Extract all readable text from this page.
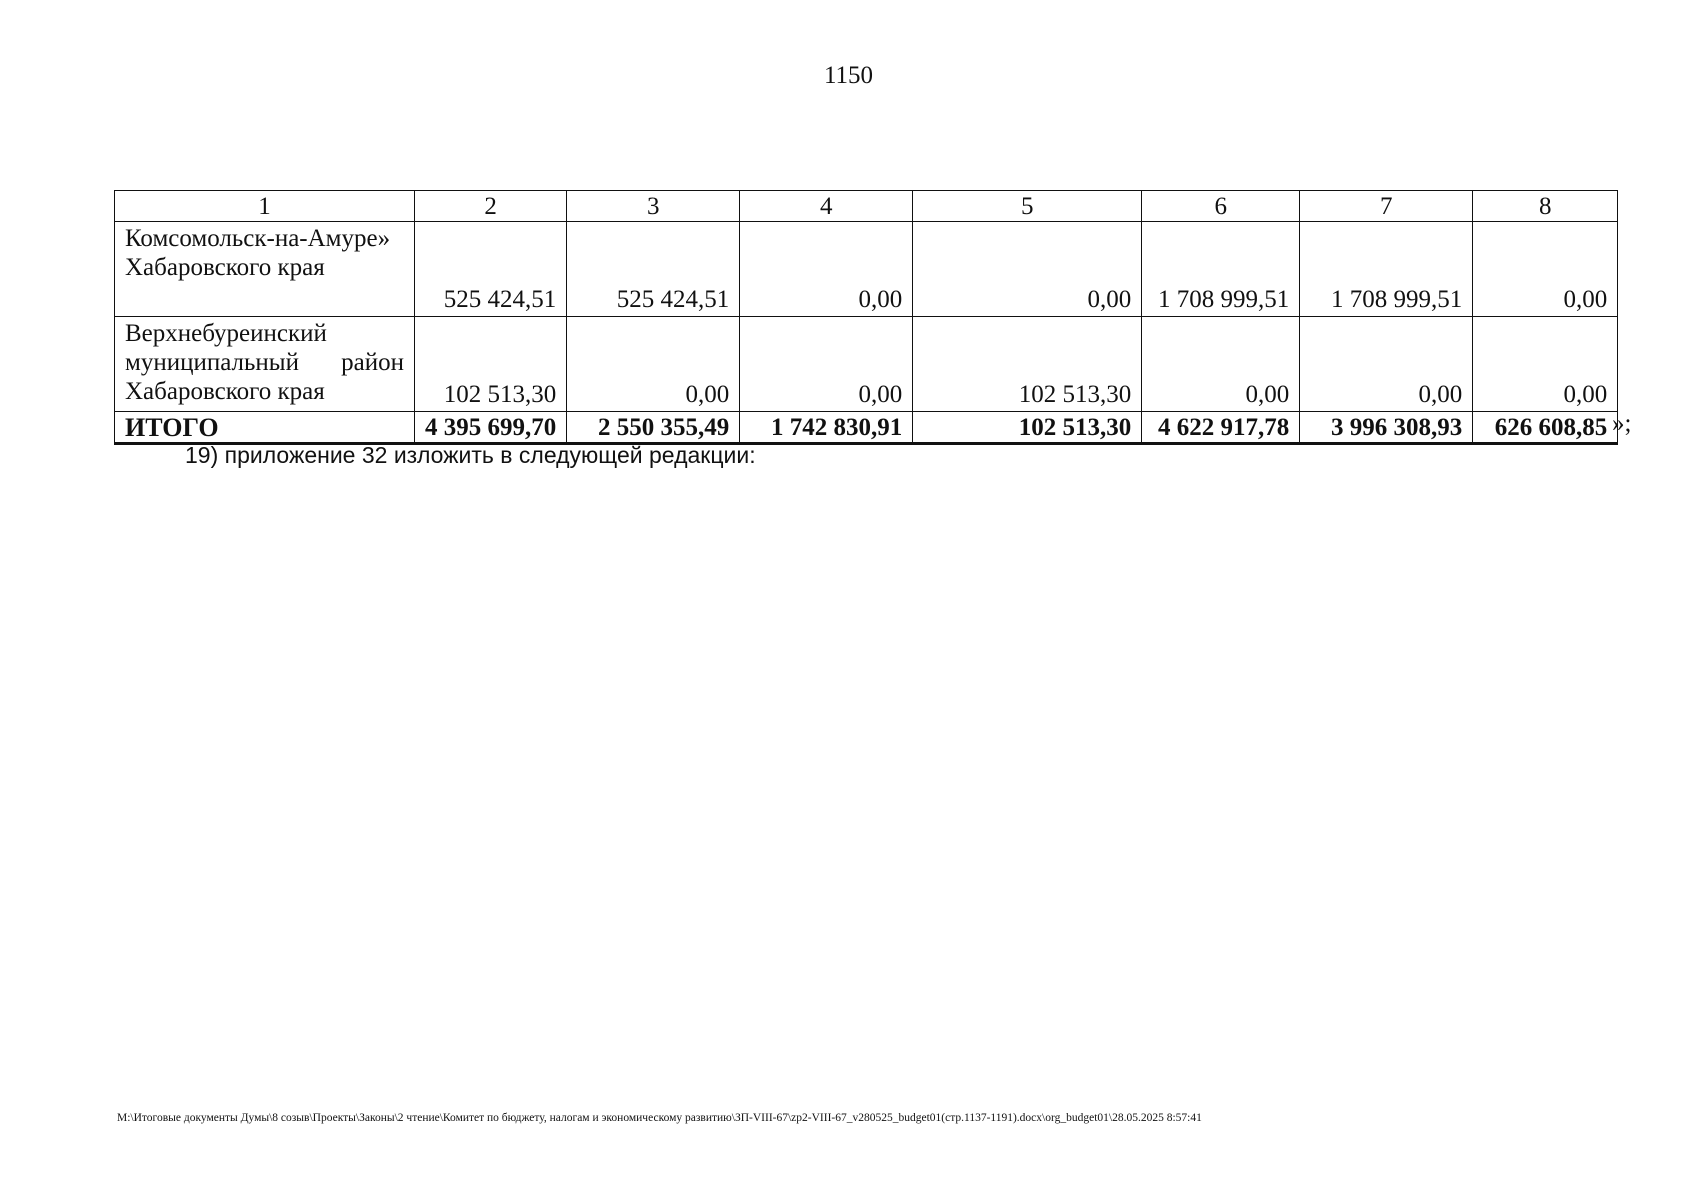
1150
1	2	3	4	5	6	7	8
Комсомольск-на-Амуре» Хабаровского края	525 424,51	525 424,51	0,00	0,00	1 708 999,51	1 708 999,51	0,00
Верхнебуреинский муниципальный район Хабаровского края	102 513,30	0,00	0,00	102 513,30	0,00	0,00	0,00
ИТОГО	4 395 699,70	2 550 355,49	1 742 830,91	102 513,30	4 622 917,78	3 996 308,93	626 608,85 »;
19) приложение 32 изложить в следующей редакции:
M:\Итоговые документы Думы\8 созыв\Проекты\Законы\2 чтение\Комитет по бюджету, налогам и экономическому развитию\ЗП-VIII-67\zp2-VIII-67_v280525_budget01(стр.1137-1191).docx\org_budget01\28.05.2025 8:57:41
